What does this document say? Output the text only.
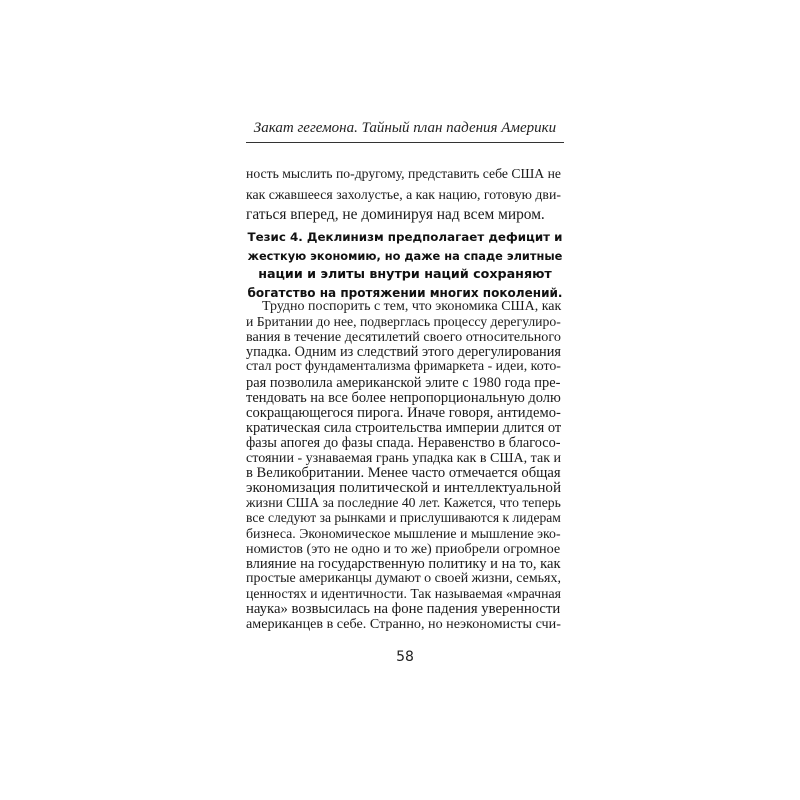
Закат гегемона. Тайный план падения Америки
ность мыслить по-другому, представить себе США не
как сжавшееся захолустье, а как нацию, готовую дви-
гаться вперед, не доминируя над всем миром.
Тезис 4. Деклинизм предполагает дефицит и
жесткую экономию, но даже на спаде элитные
нации и элиты внутри наций сохраняют
богатство на протяжении многих поколений.
Трудно поспорить с тем, что экономика США, как
и Британии до нее, подверглась процессу дерегулиро-
вания в течение десятилетий своего относительного
упадка. Одним из следствий этого дерегулирования
стал рост фундаментализма фримаркета - идеи, кото-
рая позволила американской элите с 1980 года пре-
тендовать на все более непропорциональную долю
сокращающегося пирога. Иначе говоря, антидемо-
кратическая сила строительства империи длится от
фазы апогея до фазы спада. Неравенство в благосо-
стоянии - узнаваемая грань упадка как в США, так и
в Великобритании. Менее часто отмечается общая
экономизация политической и интеллектуальной
жизни США за последние 40 лет. Кажется, что теперь
все следуют за рынками и прислушиваются к лидерам
бизнеса. Экономическое мышление и мышление эко-
номистов (это не одно и то же) приобрели огромное
влияние на государственную политику и на то, как
простые американцы думают о своей жизни, семьях,
ценностях и идентичности. Так называемая «мрачная
наука» возвысилась на фоне падения уверенности
американцев в себе. Странно, но неэкономисты счи-
58
